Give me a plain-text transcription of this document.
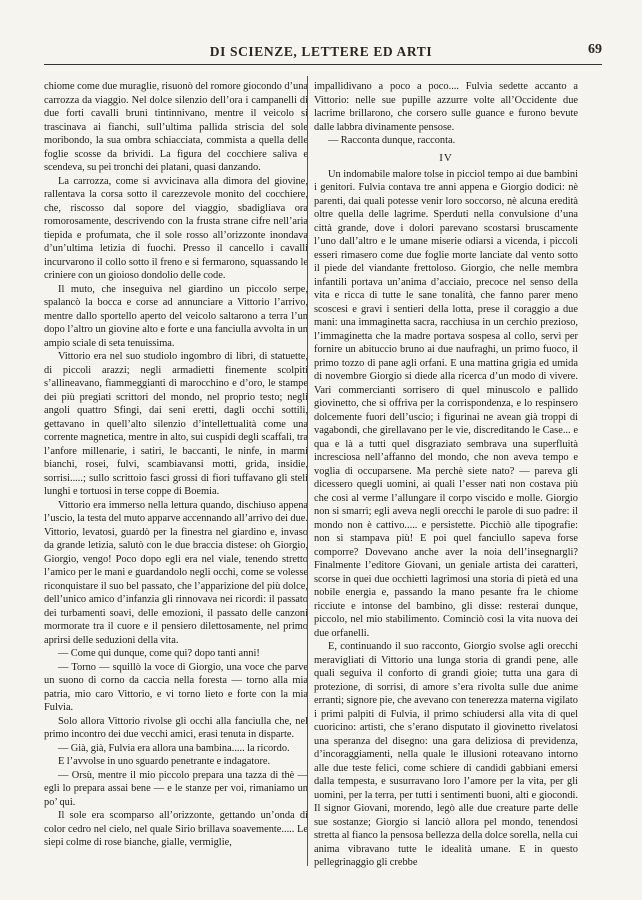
DI SCIENZE, LETTERE ED ARTI	69

chiome come due muraglie, risuonò del romore giocondo d’una carrozza da viaggio. Nel dolce silenzio dell’ora i campanelli di due forti cavalli bruni tintinnivano, mentre il veicolo si trascinava ai fianchi, sull’ultima pallida striscia del sole moribondo, la sua ombra schiacciata, commista a quella delle foglie scosse da brividi. La figura del cocchiere saliva e scendeva, su pei tronchi dei platani, quasi danzando.

La carrozza, come si avvicinava alla dimora del giovine, rallentava la corsa sotto il carezzevole monito del cocchiere, che, riscosso dal sopore del viaggio, sbadigliava ora romorosamente, descrivendo con la frusta strane cifre nell’aria tiepida e profumata, che il sole rosso all’orizzonte inondava d’un’ultima letizia di fuochi. Presso il cancello i cavalli incurvarono il collo sotto il freno e si fermarono, squassando le criniere con un gioioso dondolio delle code.

Il muto, che inseguiva nel giardino un piccolo serpe, spalancò la bocca e corse ad annunciare a Vittorio l’arrivo, mentre dallo sportello aperto del veicolo saltarono a terra l’un dopo l’altro un giovine alto e forte e una fanciulla avvolta in un ampio sciale di seta tenuissima.

Vittorio era nel suo studiolo ingombro di libri, di statuette, di piccoli arazzi; negli armadietti finemente scolpiti s’allineavano, fiammeggianti di marocchino e d’oro, le stampe dei più pregiati scrittori del mondo, nel proprio testo; negli angoli quattro Sfingi, dai seni eretti, dagli occhi sottili, gettavano in quell’alto silenzio d’intellettualità come una corrente magnetica, mentre in alto, sui cuspidi degli scaffali, tra l’anfore millenarie, i satiri, le baccanti, le ninfe, in marmi bianchi, rosei, fulvi, scambiavansi motti, grida, insidie, sorrisi.....; sullo scrittoio fasci grossi di fiori tuffavano gli steli lunghi e tortuosi in terse coppe di Boemia.

Vittorio era immerso nella lettura quando, dischiuso appena l’uscio, la testa del muto apparve accennando all’arrivo dei due. Vittorio, levatosi, guardò per la finestra nel giardino e, invaso da grande letizia, salutò con le due braccia distese: oh Giorgio, Giorgio, vengo! Poco dopo egli era nel viale, tenendo stretto l’amico per le mani e guardandolo negli occhi, come se volesse riconquistare il suo bel passato, che l’apparizione del più dolce, dell’unico amico d’infanzia gli rinnovava nei ricordi: il passato dei turbamenti soavi, delle emozioni, il passato delle canzoni mormorate tra il cuore e il pensiero dilettosamente, nel primo aprirsi delle seduzioni della vita.

— Come qui dunque, come qui? dopo tanti anni!

— Torno — squillò la voce di Giorgio, una voce che parve un suono di corno da caccia nella foresta — torno alla mia patria, mio caro Vittorio, e vi torno lieto e forte con la mia Fulvia.

Solo allora Vittorio rivolse gli occhi alla fanciulla che, nel primo incontro dei due vecchi amici, erasi tenuta in disparte.

— Già, già, Fulvia era allora una bambina..... la ricordo.

E l’avvolse in uno sguardo penetrante e indagatore.

— Orsù, mentre il mio piccolo prepara una tazza di thè — egli lo prepara assai bene — e le stanze per voi, rimaniamo un po’ qui.

Il sole era scomparso all’orizzonte, gettando un’onda di color cedro nel cielo, nel quale Sirio brillava soavemente..... Le siepi colme di rose bianche, gialle, vermiglie,

impallidivano a poco a poco.... Fulvia sedette accanto a Vittorio: nelle sue pupille azzurre volte all’Occidente due lacrime brillarono, che corsero sulle guance e furono bevute dalle labbra divinamente pensose.

— Racconta dunque, racconta.

IV

Un indomabile malore tolse in picciol tempo ai due bambini i genitori. Fulvia contava tre anni appena e Giorgio dodici: nè parenti, dai quali potesse venir loro soccorso, nè alcuna eredità oltre quella delle lagrime. Sperduti nella convulsione d’una città grande, dove i dolori parevano scostarsi bruscamente l’uno dall’altro e le umane miserie odiarsi a vicenda, i piccoli esseri rimasero come due foglie morte lanciate dal vento sotto il piede del viandante frettoloso. Giorgio, che nelle membra infantili portava un’anima d’acciaio, precoce nel senso della vita e ricca di tutte le sane tonalità, che fanno parer meno scoscesi e gravi i sentieri della lotta, prese il coraggio a due mani: una immaginetta sacra, racchiusa in un cerchio prezioso, l’immaginetta che la madre portava sospesa al collo, servì per fornire un abituccio bruno ai due naufraghi, un primo fuoco, il primo tozzo di pane agli orfani. E una mattina grigia ed umida di novembre Giorgio si diede alla ricerca d’un modo di vivere. Vari commercianti sorrisero di quel minuscolo e pallido giovinetto, che si offriva per la corrispondenza, e lo respinsero dolcemente fuori dell’uscio; i figurinai ne avean già troppi di vagabondi, che girellavano per le vie, discreditando le Case... e qua e là a tutti quel disgraziato sembrava una superfluità incresciosa nell’affanno del mondo, che non aveva tempo e voglia di occuparsene. Ma perchè siete nato? — pareva gli dicessero quegli uomini, ai quali l’esser nati non costava più che così al verme l’allungare il corpo viscido e molle. Giorgio non si smarrì; egli aveva negli orecchi le parole di suo padre: il mondo non è cattivo..... e persistette. Picchiò alle tipografie: non si stampava più! E poi quel fanciullo sapeva forse comporre? Dovevano anche aver la noia dell’insegnargli? Finalmente l’editore Giovani, un geniale artista dei caratteri, scorse in quei due occhietti lagrimosi una storia di pietà ed una nobile energia e, passando la mano pesante fra le chiome ricciute e intonse del bambino, gli disse: resterai dunque, piccolo, nel mio stabilimento. Cominciò così la vita nuova dei due orfanelli.

E, continuando il suo racconto, Giorgio svolse agli orecchi meravigliati di Vittorio una lunga storia di grandi pene, alle quali seguiva il conforto di grandi gioie; tutta una gara di protezione, di sorrisi, di amore s’era rivolta sulle due anime erranti; signore pie, che avevano con tenerezza materna vigilato i primi palpiti di Fulvia, il primo schiudersi alla vita di quel cuoricino: artisti, che s’erano disputato il giovinetto rivelatosi una speranza del disegno: una gara deliziosa di previdenza, d’incoraggiamenti, nella quale le illusioni roteavano intorno alle due teste felici, come schiere di candidi gabbiani emersi dalla tempesta, e susurravano loro l’amore per la vita, per gli uomini, per la terra, per tutti i sentimenti buoni, alti e giocondi. Il signor Giovani, morendo, legò alle due creature parte delle sue sostanze; Giorgio si lanciò allora pel mondo, tenendosi stretta al fianco la pensosa bellezza della dolce sorella, nella cui anima vibravano tutte le idealità umane. E in questo pellegrinaggio gli crebbe
